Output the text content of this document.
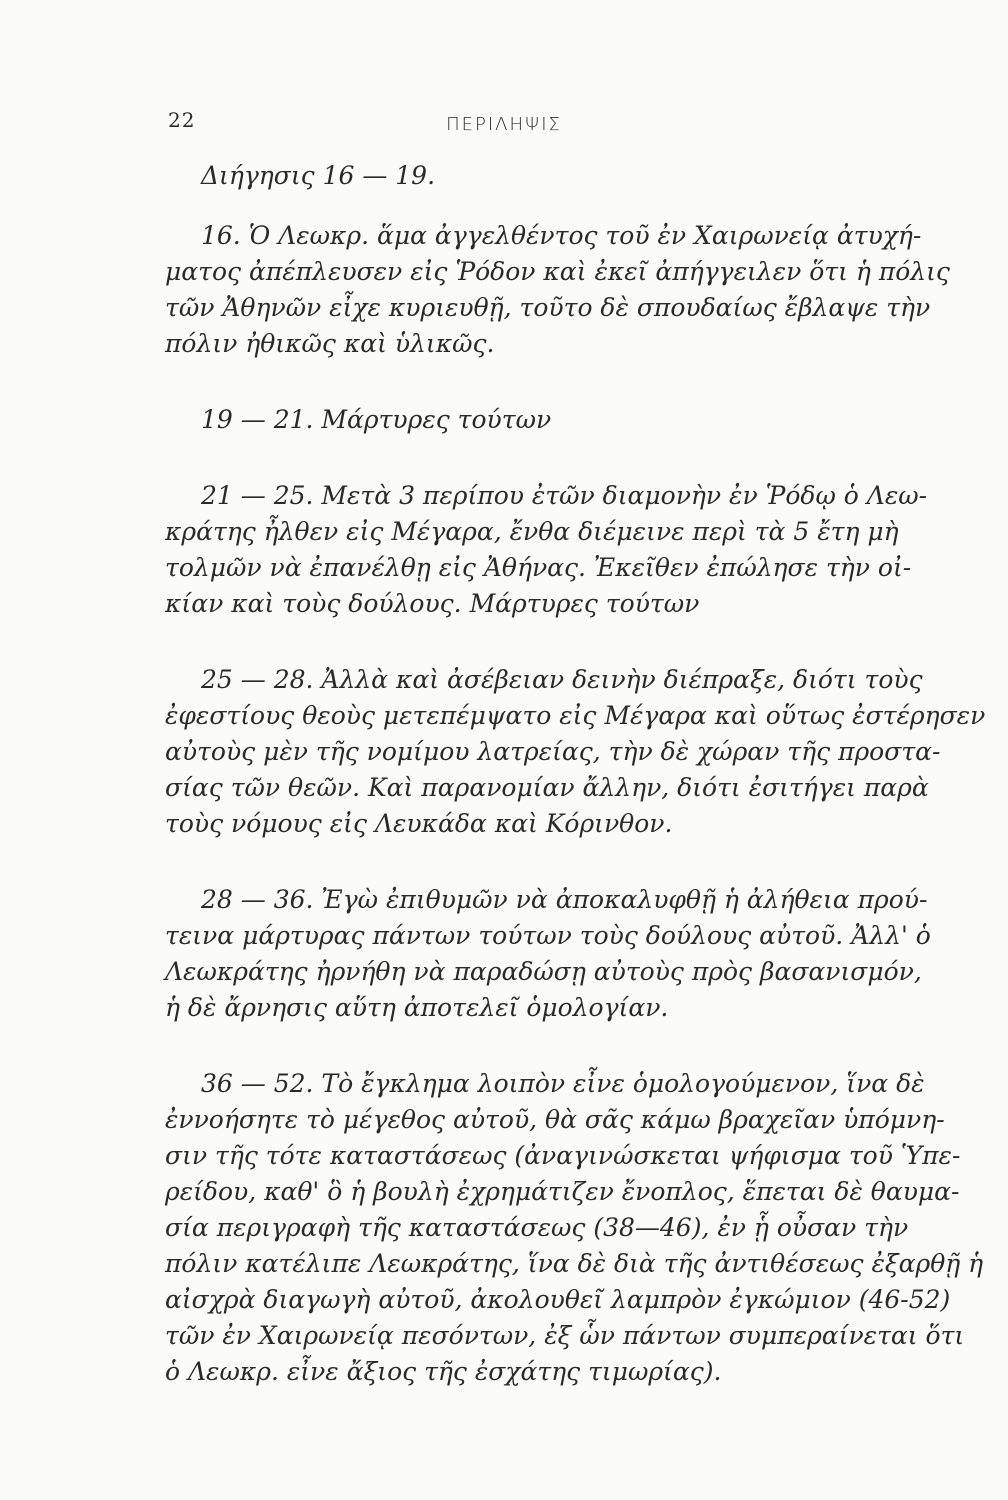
22	ΠΕΡΙΛΗΨΙΣ
Διήγησις 16 — 19.
16. Ὁ Λεωκρ. ἅμα ἀγγελθέντος τοῦ ἐν Χαιρωνείᾳ ἀτυχή-
ματος ἀπέπλευσεν εἰς Ῥόδον καὶ ἐκεῖ ἀπήγγειλεν ὅτι ἡ πόλις
τῶν Ἀθηνῶν εἶχε κυριευθῇ, τοῦτο δὲ σπουδαίως ἔβλαψε τὴν
πόλιν ἠθικῶς καὶ ὑλικῶς.
19 — 21. Μάρτυρες τούτων
21 — 25. Μετὰ 3 περίπου ἐτῶν διαμονὴν ἐν Ῥόδῳ ὁ Λεω-
κράτης ἦλθεν εἰς Μέγαρα, ἔνθα διέμεινε περὶ τὰ 5 ἔτη μὴ
τολμῶν νὰ ἐπανέλθῃ εἰς Ἀθήνας. Ἐκεῖθεν ἐπώλησε τὴν οἰ-
κίαν καὶ τοὺς δούλους. Μάρτυρες τούτων
25 — 28. Ἀλλὰ καὶ ἀσέβειαν δεινὴν διέπραξε, διότι τοὺς
ἐφεστίους θεοὺς μετεπέμψατο εἰς Μέγαρα καὶ οὕτως ἐστέρησεν
αὐτοὺς μὲν τῆς νομίμου λατρείας, τὴν δὲ χώραν τῆς προστα-
σίας τῶν θεῶν. Καὶ παρανομίαν ἄλλην, διότι ἐσιτήγει παρὰ
τοὺς νόμους εἰς Λευκάδα καὶ Κόρινθον.
28 — 36. Ἐγὼ ἐπιθυμῶν νὰ ἀποκαλυφθῇ ἡ ἀλήθεια πρού-
τεινα μάρτυρας πάντων τούτων τοὺς δούλους αὐτοῦ. Ἀλλ' ὁ
Λεωκράτης ἠρνήθη νὰ παραδώσῃ αὐτοὺς πρὸς βασανισμόν,
ἡ δὲ ἄρνησις αὕτη ἀποτελεῖ ὁμολογίαν.
36 — 52. Τὸ ἔγκλημα λοιπὸν εἶνε ὁμολογούμενον, ἵνα δὲ
ἐννοήσητε τὸ μέγεθος αὐτοῦ, θὰ σᾶς κάμω βραχεῖαν ὑπόμνη-
σιν τῆς τότε καταστάσεως (ἀναγινώσκεται ψήφισμα τοῦ Ὑπε-
ρείδου, καθ' ὃ ἡ βουλὴ ἐχρημάτιζεν ἔνοπλος, ἕπεται δὲ θαυμα-
σία περιγραφὴ τῆς καταστάσεως (38—46), ἐν ᾗ οὖσαν τὴν
πόλιν κατέλιπε Λεωκράτης, ἵνα δὲ διὰ τῆς ἀντιθέσεως ἐξαρθῇ ἡ
αἰσχρὰ διαγωγὴ αὐτοῦ, ἀκολουθεῖ λαμπρὸν ἐγκώμιον (46-52)
τῶν ἐν Χαιρωνείᾳ πεσόντων, ἐξ ὧν πάντων συμπεραίνεται ὅτι
ὁ Λεωκρ. εἶνε ἄξιος τῆς ἐσχάτης τιμωρίας).
